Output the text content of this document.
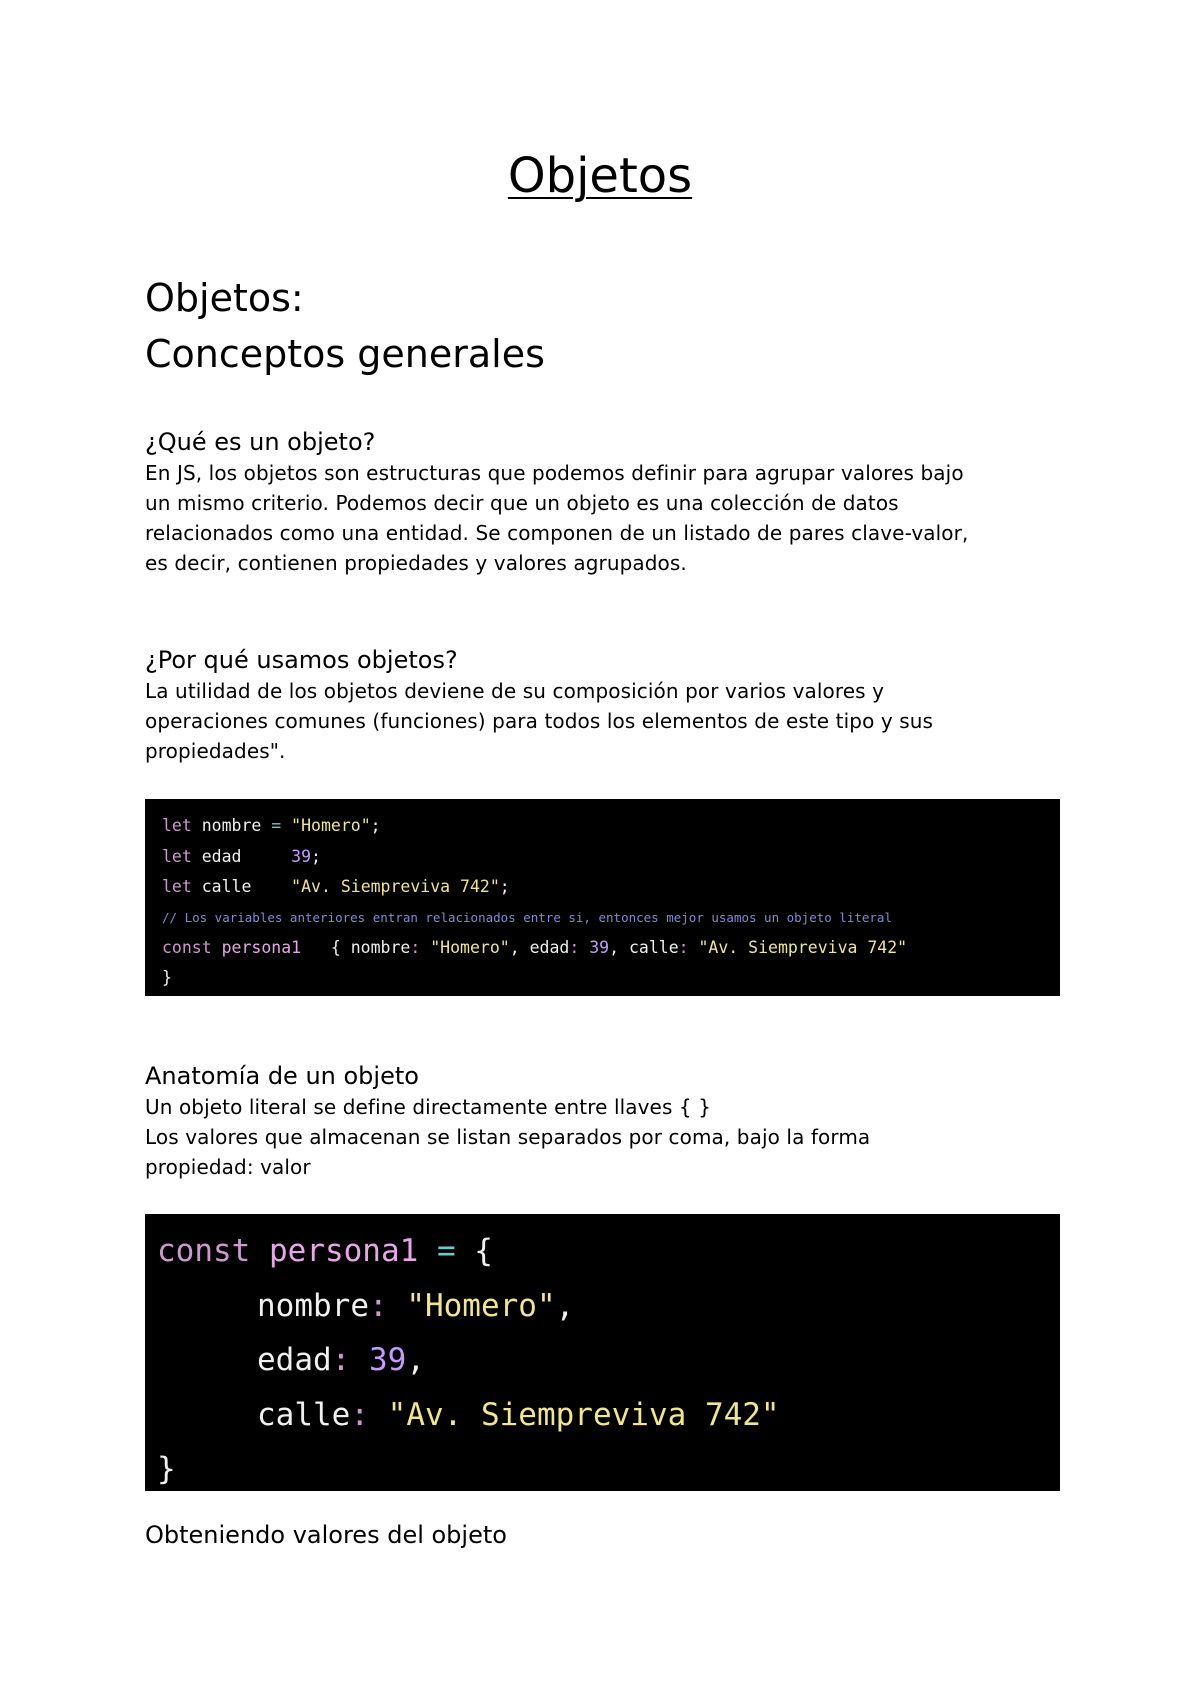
Objetos
Objetos:
Conceptos generales
¿Qué es un objeto?

En JS, los objetos son estructuras que podemos definir para agrupar valores bajo
un mismo criterio. Podemos decir que un objeto es una colección de datos
relacionados como una entidad. Se componen de un listado de pares clave-valor,
es decir, contienen propiedades y valores agrupados.

¿Por qué usamos objetos?

La utilidad de los objetos deviene de su composición por varios valores y
operaciones comunes (funciones) para todos los elementos de este tipo y sus
propiedades".

let nombre = "Homero";
let edad     39;
let calle    "Av. Siempreviva 742";
// Los variables anteriores entran relacionados entre si, entonces mejor usamos un objeto literal
const persona1   { nombre: "Homero", edad: 39, calle: "Av. Siempreviva 742"
}
Anatomía de un objeto

Un objeto literal se define directamente entre llaves { }
Los valores que almacenan se listan separados por coma, bajo la forma
propiedad: valor

const persona1 = {
nombre: "Homero",
edad: 39,
calle: "Av. Siempreviva 742"
}
Obteniendo valores del objeto
